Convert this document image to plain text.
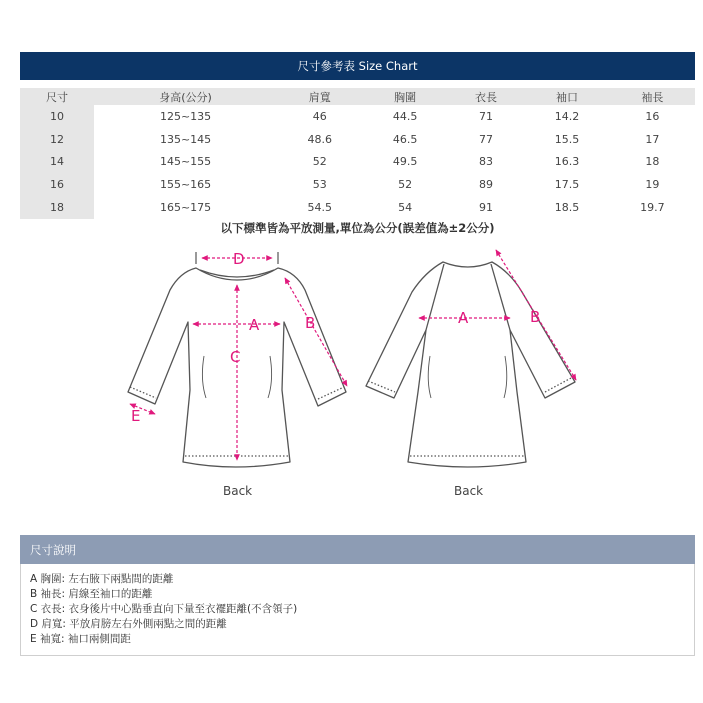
尺寸參考表 Size Chart
尺寸	身高(公分)	肩寬	胸圍	衣長	袖口	袖長
10	125~135	46	44.5	71	14.2	16
12	135~145	48.6	46.5	77	15.5	17
14	145~155	52	49.5	83	16.3	18
16	155~165	53	52	89	17.5	19
18	165~175	54.5	54	91	18.5	19.7
以下標準皆為平放測量,單位為公分(誤差值為±2公分)
D
A
C
B
E
Back
A	B
Back
尺寸說明
A 胸圍: 左右腋下兩點間的距離
B 袖長: 肩線至袖口的距離
C 衣長: 衣身後片中心點垂直向下量至衣襬距離(不含領子)
D 肩寬: 平放肩膀左右外側兩點之間的距離
E 袖寬: 袖口兩側間距
